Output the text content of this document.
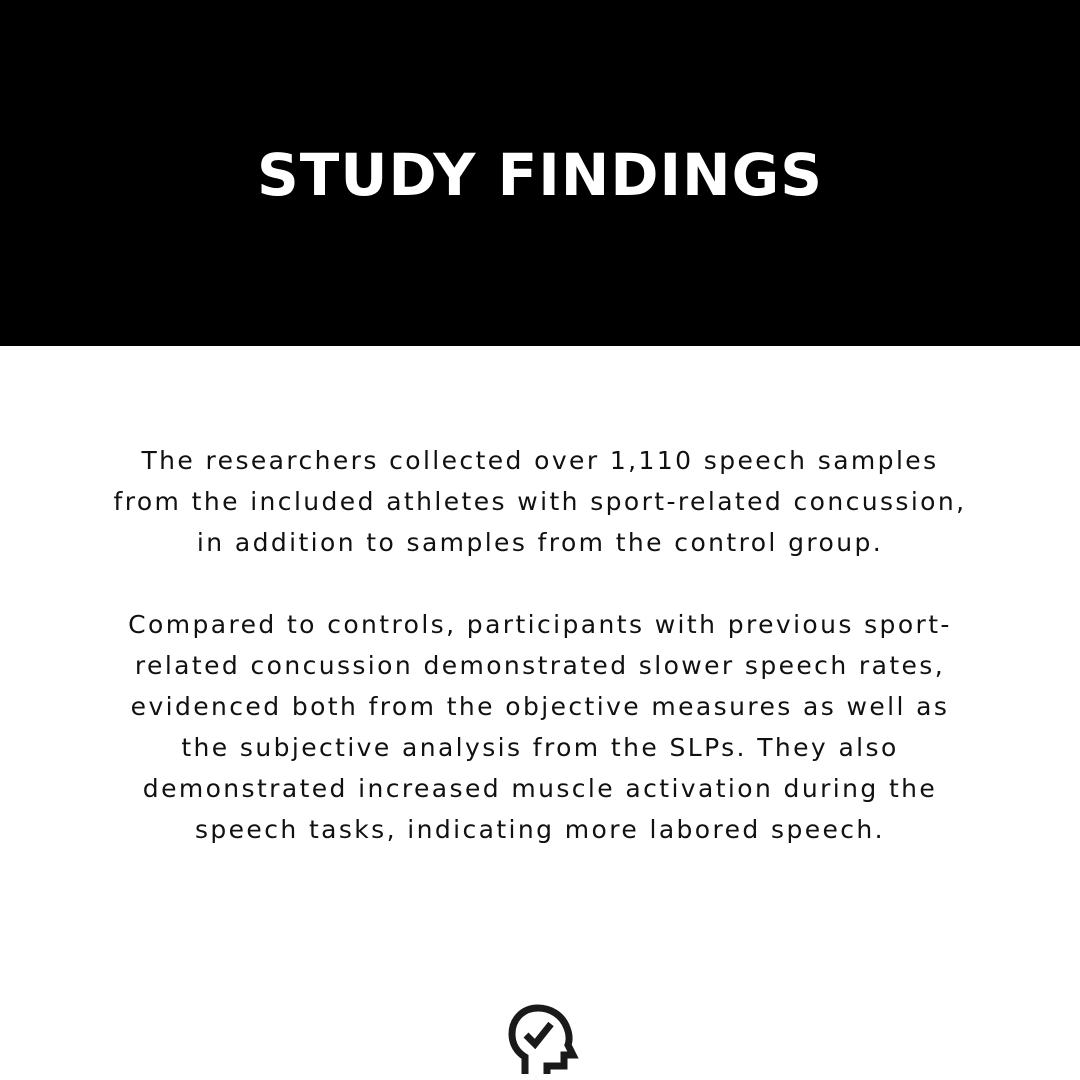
STUDY FINDINGS
The researchers collected over 1,110 speech samples
from the included athletes with sport-related concussion,
in addition to samples from the control group.
Compared to controls, participants with previous sport-
related concussion demonstrated slower speech rates,
evidenced both from the objective measures as well as
the subjective analysis from the SLPs. They also
demonstrated increased muscle activation during the
speech tasks, indicating more labored speech.
